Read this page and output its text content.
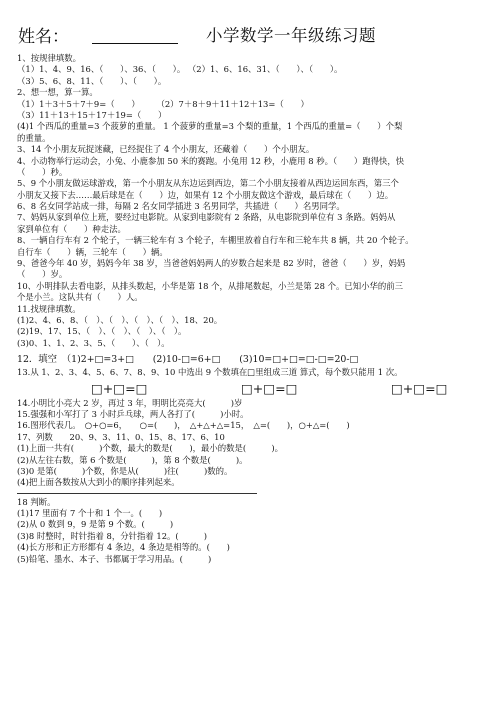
姓名：	小学数学一年级练习题
1、按规律填数。
（1）1、4、9、16、（　　）、36、（　　）。 （2）1、6、16、31、（　　）、（　　）。
（3）5、6、8、11、（　　）、（　　）。
2、想一想，算一算。
（1）1＋3＋5＋7＋9=（　　）　　　（2）7＋8＋9＋11＋12＋13=（　　）
（3）11＋13＋15＋17＋19=（　　）
(4)1 个西瓜的重量=3 个菠萝的重量。 1 个菠萝的重量=3 个梨的重量，1 个西瓜的重量=（　　）个梨
的重量。
3、14 个小朋友玩捉迷藏，已经捉住了 4 个小朋友，还藏着（　　）个小朋友。
4、小动物举行运动会，小兔、小鹿参加 50 米的赛跑。小兔用 12 秒，小鹿用 8 秒。（　　）跑得快，快
（　　）秒。
5、9 个小朋友做运球游戏，第一个小朋友从东边运到西边，第二个小朋友接着从西边运回东西，第三个
小朋友又接下去……最后球是在（　　）边，如果有 12 个小朋友做这个游戏，最后球在（　　）边。
6、8 名女同学站成一排，每隔 2 名女同学插进 3 名男同学，共插进（　　）名男同学。
7、妈妈从家到单位上班，要经过电影院。从家到电影院有 2 条路，从电影院到单位有 3 条路。妈妈从
家到单位有（　　）种走法。
8、一辆自行车有 2 个轮子，一辆三轮车有 3 个轮子，车棚里放着自行车和三轮车共 8 辆，共 20 个轮子。
自行车（　　）辆，三轮车（　　）辆。
9、爸爸今年 40 岁，妈妈今年 38 岁，当爸爸妈妈两人的岁数合起来是 82 岁时，爸爸（　　）岁，妈妈
（　　）岁。
10、小明排队去看电影，从排头数起，小华是第 18 个，从排尾数起，小兰是第 28 个。已知小华的前三
个是小兰。这队共有（　　）人。
11.找规律填数。
(1)2、4、6、8、（　）、（　）、（　）、（　）、18、20。
(2)19、17、15、（　）、（　）、（　）、（　）。
(3)0、1、1、2、3、5、（　　）、（　）。
12．填空　（1)2+□=3+□　　(2)10-□=6+□　　(3)10=□+□=□-□=20-□
13.从 1、2、3、4、5、6、7、8、9、10 中选出 9 个数填在□里组成三道 算式，每个数只能用 1 次。
□+□=□	□+□=□	□+□=□
14.小明比小亮大 2 岁，再过 3 年，明明比亮亮大(　　　)岁
15.强强和小军打了 3 小时乒乓球，两人各打了(　　　)小时。
16.图形代表几。　○+○=6，　　○=(　　)，　△+△+△=15，　△=(　　)，○+△=(　　)
17、列数　　20、9、3、11、0、15、8、17、6、10
(1)上面一共有(　　　)个数，最大的数是(　　)，最小的数是(　　　)。
(2)从左往右数，第 6 个数是(　　　)，第 8 个数是(　　　)。
(3)0 是第(　　　)个数，你是从(　　　)往(　　　)数的。
(4)把上面各数按从大到小的顺序排列起来。
18 判断。
(1)17 里面有 7 个十和 1 个一。(　　)
(2)从 0 数到 9，9 是第 9 个数。(　　　)
(3)8 时整时，时针指着 8，分针指着 12。(　　　)
(4)长方形和正方形都有 4 条边，4 条边是相等的。(　　)
(5)铅笔、墨水、本子、书都属于学习用品。(　　　)
